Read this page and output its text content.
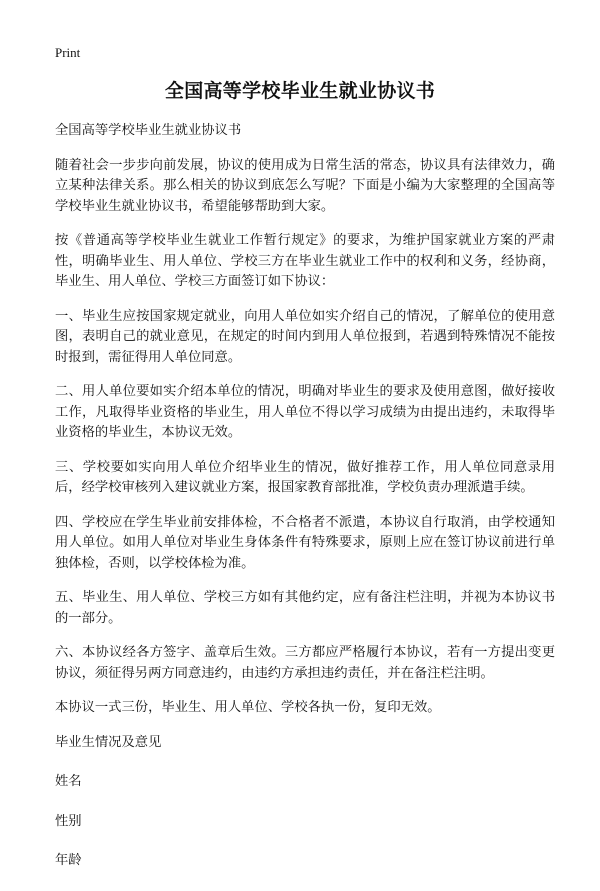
Print
全国高等学校毕业生就业协议书

全国高等学校毕业生就业协议书

随着社会一步步向前发展，协议的使用成为日常生活的常态，协议具有法律效力，确立某种法律关系。那么相关的协议到底怎么写呢？下面是小编为大家整理的全国高等学校毕业生就业协议书，希望能够帮助到大家。

按《普通高等学校毕业生就业工作暂行规定》的要求，为维护国家就业方案的严肃性，明确毕业生、用人单位、学校三方在毕业生就业工作中的权利和义务，经协商，毕业生、用人单位、学校三方面签订如下协议：

一、毕业生应按国家规定就业，向用人单位如实介绍自己的情况，了解单位的使用意图，表明自己的就业意见，在规定的时间内到用人单位报到，若遇到特殊情况不能按时报到，需征得用人单位同意。

二、用人单位要如实介绍本单位的情况，明确对毕业生的要求及使用意图，做好接收工作，凡取得毕业资格的毕业生，用人单位不得以学习成绩为由提出违约，未取得毕业资格的毕业生，本协议无效。

三、学校要如实向用人单位介绍毕业生的情况，做好推荐工作，用人单位同意录用后，经学校审核列入建议就业方案，报国家教育部批准，学校负责办理派遣手续。

四、学校应在学生毕业前安排体检，不合格者不派遣，本协议自行取消，由学校通知用人单位。如用人单位对毕业生身体条件有特殊要求，原则上应在签订协议前进行单独体检，否则，以学校体检为准。

五、毕业生、用人单位、学校三方如有其他约定，应有备注栏注明，并视为本协议书的一部分。

六、本协议经各方签字、盖章后生效。三方都应严格履行本协议，若有一方提出变更协议，须征得另两方同意违约，由违约方承担违约责任，并在备注栏注明。

本协议一式三份，毕业生、用人单位、学校各执一份，复印无效。

毕业生情况及意见

姓名

性别

年龄
